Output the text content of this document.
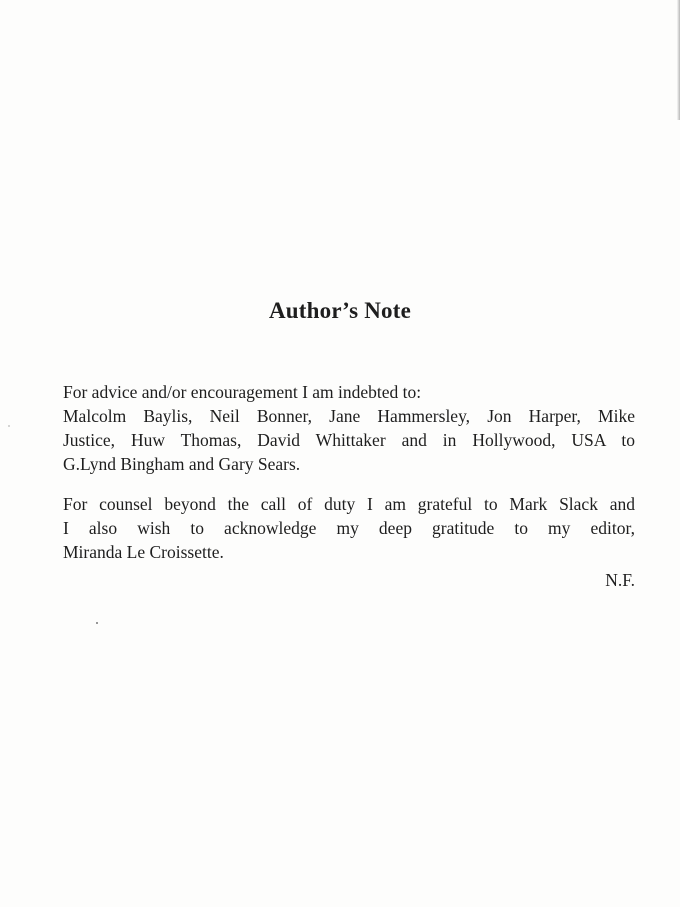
Author’s Note

For advice and/or encouragement I am indebted to:
Malcolm Baylis, Neil Bonner, Jane Hammersley, Jon Harper, Mike
Justice, Huw Thomas, David Whittaker and in Hollywood, USA to
G.Lynd Bingham and Gary Sears.

For counsel beyond the call of duty I am grateful to Mark Slack and
I also wish to acknowledge my deep gratitude to my editor,
Miranda Le Croissette.

N.F.
